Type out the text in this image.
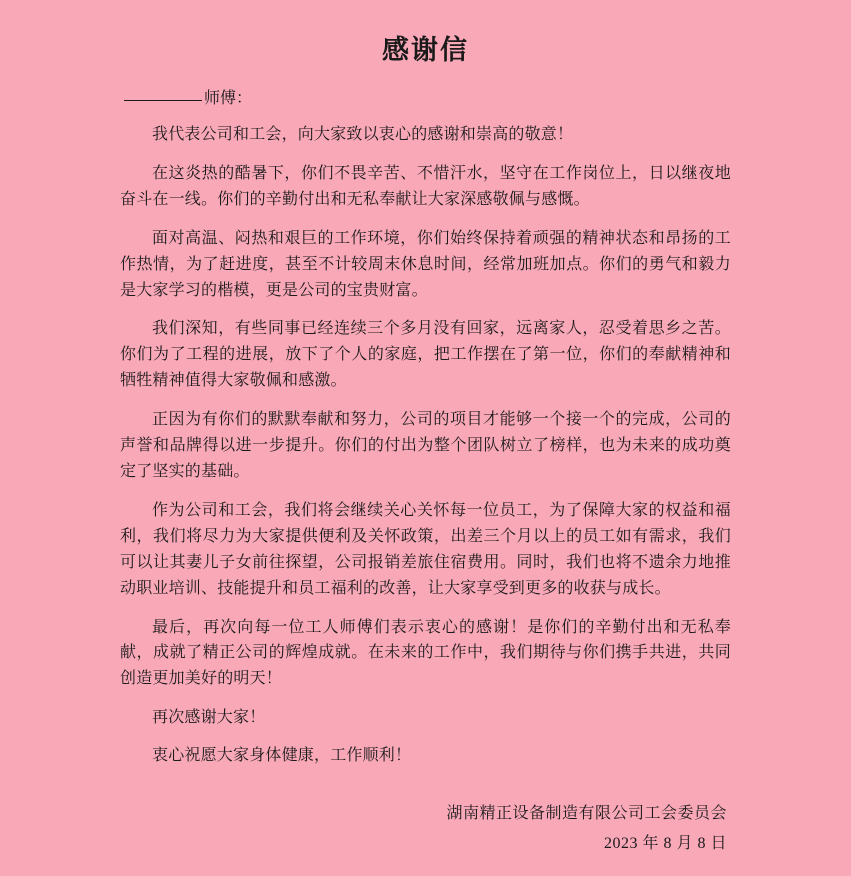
感谢信
师傅：

我代表公司和工会，向大家致以衷心的感谢和崇高的敬意！

在这炎热的酷暑下，你们不畏辛苦、不惜汗水，坚守在工作岗位上，日以继夜地奋斗在一线。你们的辛勤付出和无私奉献让大家深感敬佩与感慨。

面对高温、闷热和艰巨的工作环境，你们始终保持着顽强的精神状态和昂扬的工作热情，为了赶进度，甚至不计较周末休息时间，经常加班加点。你们的勇气和毅力是大家学习的楷模，更是公司的宝贵财富。

我们深知，有些同事已经连续三个多月没有回家，远离家人，忍受着思乡之苦。你们为了工程的进展，放下了个人的家庭，把工作摆在了第一位，你们的奉献精神和牺牲精神值得大家敬佩和感激。

正因为有你们的默默奉献和努力，公司的项目才能够一个接一个的完成，公司的声誉和品牌得以进一步提升。你们的付出为整个团队树立了榜样，也为未来的成功奠定了坚实的基础。

作为公司和工会，我们将会继续关心关怀每一位员工，为了保障大家的权益和福利，我们将尽力为大家提供便利及关怀政策，出差三个月以上的员工如有需求，我们可以让其妻儿子女前往探望，公司报销差旅住宿费用。同时，我们也将不遗余力地推动职业培训、技能提升和员工福利的改善，让大家享受到更多的收获与成长。

最后，再次向每一位工人师傅们表示衷心的感谢！是你们的辛勤付出和无私奉献，成就了精正公司的辉煌成就。在未来的工作中，我们期待与你们携手共进，共同创造更加美好的明天！

再次感谢大家！

衷心祝愿大家身体健康，工作顺利！

湖南精正设备制造有限公司工会委员会
2023 年 8 月 8 日
